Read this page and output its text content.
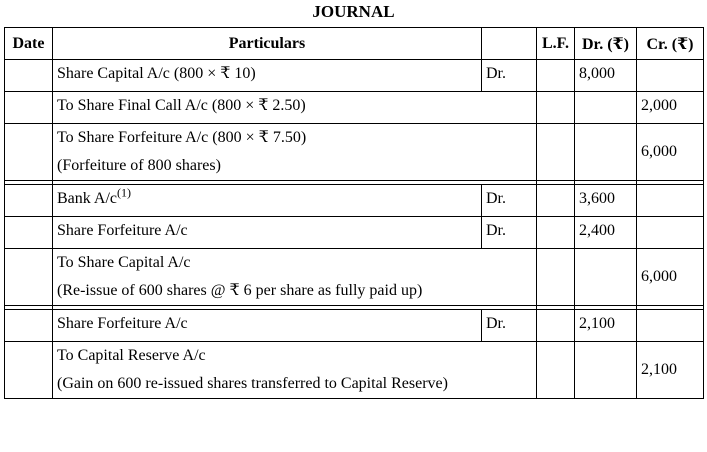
JOURNAL
Date	Particulars		L.F.	Dr. (₹)	Cr. (₹)
	Share Capital A/c (800 × ₹ 10)	Dr.		8,000	
	To Share Final Call A/c (800 × ₹ 2.50)				2,000

	To Share Forfeiture A/c (800 × ₹ 7.50)
(Forfeiture of 800 shares)				6,000

	Bank $A/c^{(1)}$	Dr.		3,600	
	Share Forfeiture A/c	Dr.		2,400	

	To Share Capital A/c
(Re-issue of 600 shares @ ₹ 6 per share as fully paid up)				6,000

	Share Forfeiture A/c	Dr.		2,100	

	To Capital Reserve A/c
(Gain on 600 re-issued shares transferred to Capital Reserve)				2,100
